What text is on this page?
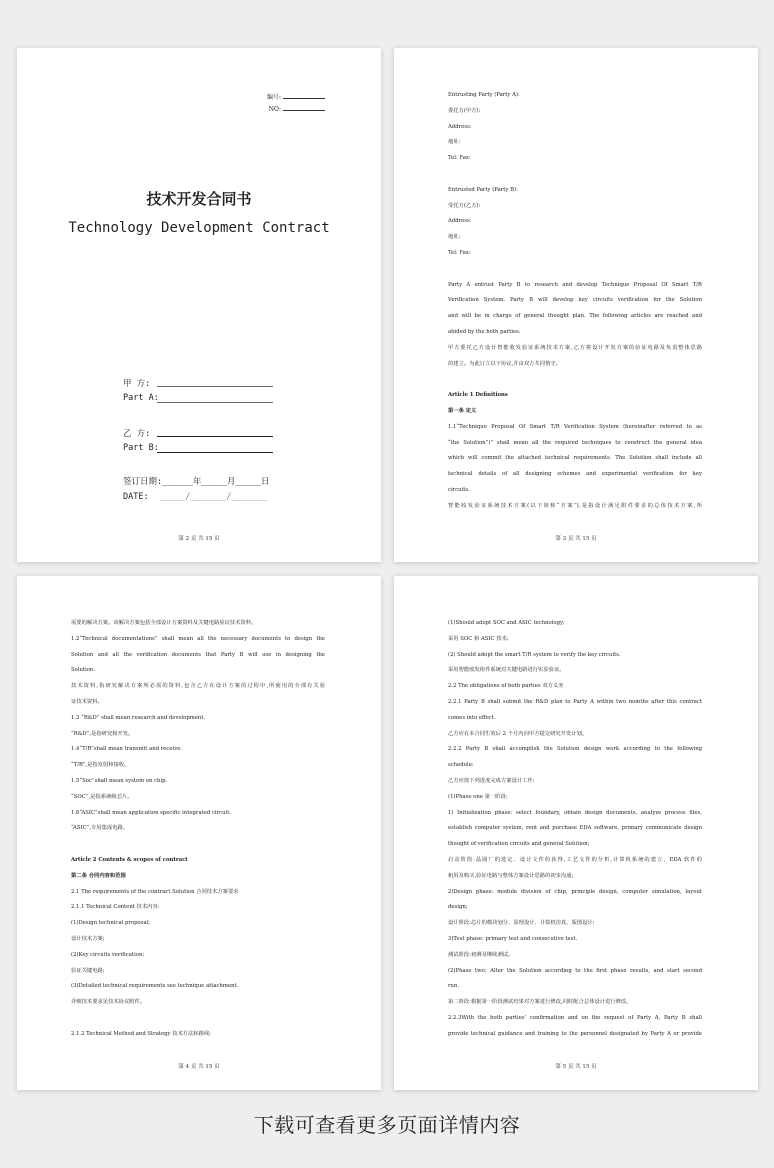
编号:
NO:
技术开发合同书
Technology Development Contract
甲 方:
Part A:
乙 方:
Part B:
签订日期:______年_____月_____日
DATE: _____/_______/_______
第 2 页 共 15 页
Entrusting Party (Party A):
委托方(甲方):
Address:
地址:
Tel: Fax:
Entrusted Party (Party B):
受托方(乙方):
Address:
地址:
Tel: Fax:
Party A entrust Party B to research and develop Technique Proposal Of Smart T/R
Verification System. Party B will develop key circuits verification for the Solution
and will be in charge of general thought plan. The following articles are reached and
abided by the both parties.
甲方委托乙方设计智能收发验证系统技术方案,乙方将设计开发方案的验证电路及负责整体思路
的建立。为此订立以下协议,并由双方共同恪守。
Article 1 Definitions
第一条 定义
1.1“Technique Proposal Of Smart T/R Verification System (hereinafter referred to as
“the Solution”)” shall mean all the required techniques to construct the general idea
which will commit the attached technical requirements. The Solution shall include all
technical details of all designing schemes and experimental verification for key
circuits.
智能收发验证系统技术方案(以下简称“方案”),是指设计满足附件要求的总体技术方案,所
第 3 页 共 15 页
需要的解决方案。该解决方案包括全部设计方案资料及关键电路验证技术资料。
1.2“Technical documentations” shall mean all the necessary documents to design the
Solution and all the verification documents that Party B will use in designing the
Solution.
技术资料,指研发解决方案所必需的资料,包含乙方在设计方案的过程中,所使用的全部有关验
证技术资料。
1.3 “R&D” shall mean research and development.
“R&D”,是指研究和开发。
1.4“T/R”shall mean transmit and receive.
“T/R”,是指发射和接收。
1.5“Soc”shall mean system on chip.
“SOC”,是指系统级芯片。
1.6“ASIC”shall mean application specific integrated circuit.
“ASIC”,专用集成电路。
Article 2 Contents & scopes of contract
第二条 合同内容和范围
2.1 The requirements of the contract Solution 合同技术方案要求
2.1.1 Technical Content 技术内容:
(1)Design technical proposal;
设计技术方案;
(2)Key circuits verification;
验证关键电路;
(3)Detailed technical requirements see technique attachment.
详细技术要求见技术协议附件。
2.1.2 Technical Method and Strategy 技术方法和路线:
第 4 页 共 15 页
(1)Should adopt SOC and ASIC technology;
采用 SOC 和 ASIC 技术;
(2) Should adopt the smart T/R system to verify the key circuits.
采用智能收发组件系统对关键电路进行实验验证。
2.2 The obligations of both parties 双方义务
2.2.1 Party B shall submit the R&D plan to Party A within two months after this contract
comes into effect.
乙方应在本合同生效后 2 个月内向甲方提交研究开发计划。
2.2.2 Party B shall accomplish the Solution design work according to the following
schedule:
乙方应按下列进度完成方案设计工作:
(1)Phase one 第一阶段:
1) Initialization phase: select foundary, obtain design documents, analyze process files,
establish computer system, rent and purchase EDA software, primary communicate design
thought of verification circuits and general Solution;
启动阶段:晶圆厂的选定、设计文件的获得,工艺文件的分析,计算机系统的建立、EDA 软件的
租用及购买,验证电路与整体方案设计思路的初步沟通;
2)Design phase: module division of chip, principle design, computer simulation, layout
design;
设计阶段:芯片的模块划分、原理设计、计算机仿真、版图设计;
3)Test phase: primary test and consecutive test.
测试阶段:初测及继续测试。
(2)Phase two: Alter the Solution according to the first phase results, and start second
run.
第二阶段:根据第一阶段测试结果对方案进行修改,同时配合总体设计进行修改。
2.2.3With the both parties’ confirmation and on the request of Party A, Party B shall
provide technical guidance and training to the personnel designated by Party A or provide
第 5 页 共 15 页
下载可查看更多页面详情内容
